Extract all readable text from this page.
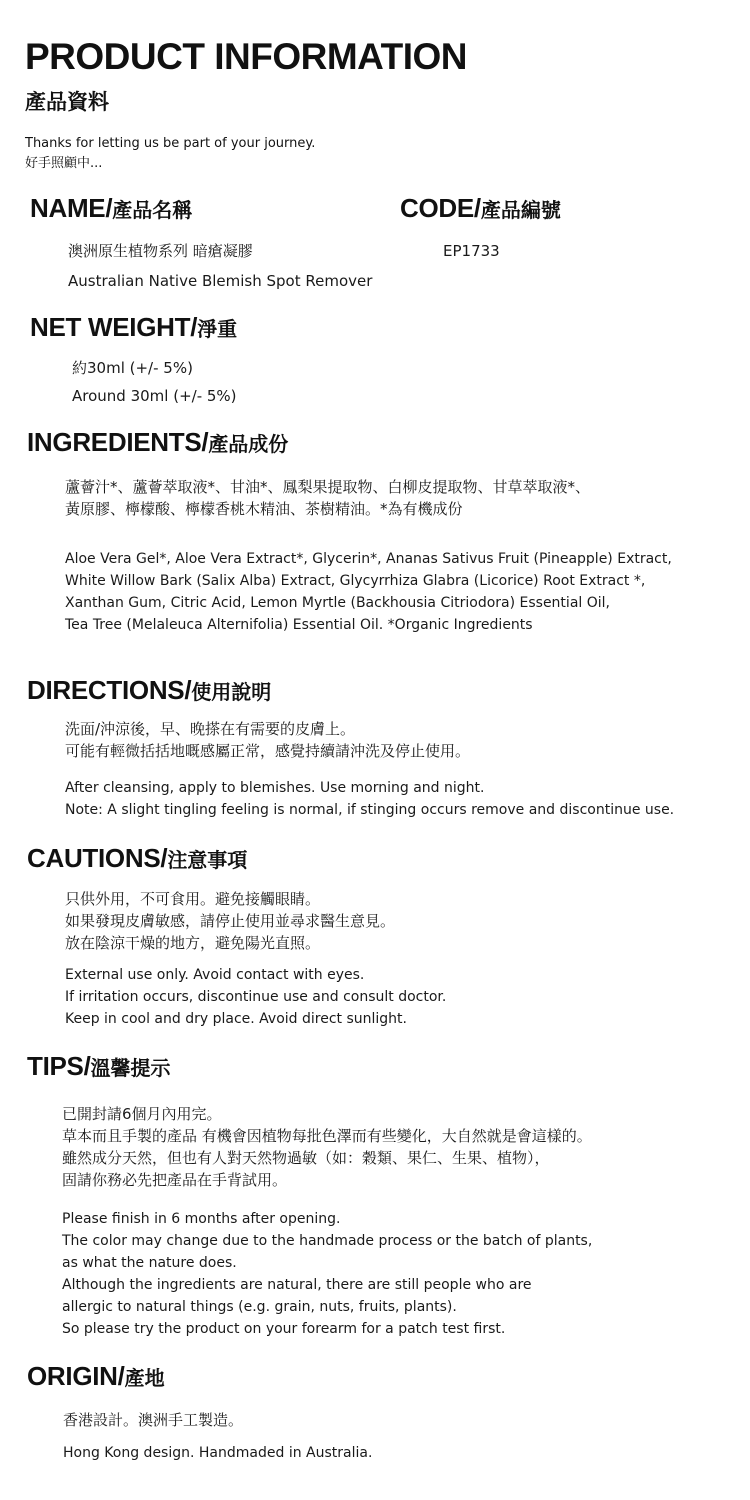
PRODUCT INFORMATION
產品資料
Thanks for letting us be part of your journey.
好手照顧中...
NAME/產品名稱
澳洲原生植物系列 暗瘡凝膠
Australian Native Blemish Spot Remover
CODE/產品編號
EP1733
NET WEIGHT/淨重
約30ml (+/- 5%)
Around 30ml (+/- 5%)
INGREDIENTS/產品成份
蘆薈汁*、蘆薈萃取液*、甘油*、鳳梨果提取物、白柳皮提取物、甘草萃取液*、
黃原膠、檸檬酸、檸檬香桃木精油、茶樹精油。*為有機成份
Aloe Vera Gel*, Aloe Vera Extract*, Glycerin*, Ananas Sativus Fruit (Pineapple) Extract,
White Willow Bark (Salix Alba) Extract, Glycyrrhiza Glabra (Licorice) Root Extract *,
Xanthan Gum, Citric Acid, Lemon Myrtle (Backhousia Citriodora) Essential Oil,
Tea Tree (Melaleuca Alternifolia) Essential Oil. *Organic Ingredients
DIRECTIONS/使用說明
洗面/沖涼後，早、晚搽在有需要的皮膚上。
可能有輕微括括地嘅感屬正常，感覺持續請沖洗及停止使用。
After cleansing, apply to blemishes. Use morning and night.
Note: A slight tingling feeling is normal, if stinging occurs remove and discontinue use.
CAUTIONS/注意事項
只供外用，不可食用。避免接觸眼睛。
如果發現皮膚敏感，請停止使用並尋求醫生意見。
放在陰涼干燥的地方，避免陽光直照。
External use only. Avoid contact with eyes.
If irritation occurs, discontinue use and consult doctor.
Keep in cool and dry place. Avoid direct sunlight.
TIPS/溫馨提示
已開封請6個月內用完。
草本而且手製的產品 有機會因植物每批色澤而有些變化，大自然就是會這樣的。
雖然成分天然，但也有人對天然物過敏（如：穀類、果仁、生果、植物），
固請你務必先把產品在手背試用。
Please finish in 6 months after opening.
The color may change due to the handmade process or the batch of plants,
as what the nature does.
Although the ingredients are natural, there are still people who are
allergic to natural things (e.g. grain, nuts, fruits, plants).
So please try the product on your forearm for a patch test first.
ORIGIN/產地
香港設計。澳洲手工製造。
Hong Kong design. Handmaded in Australia.
